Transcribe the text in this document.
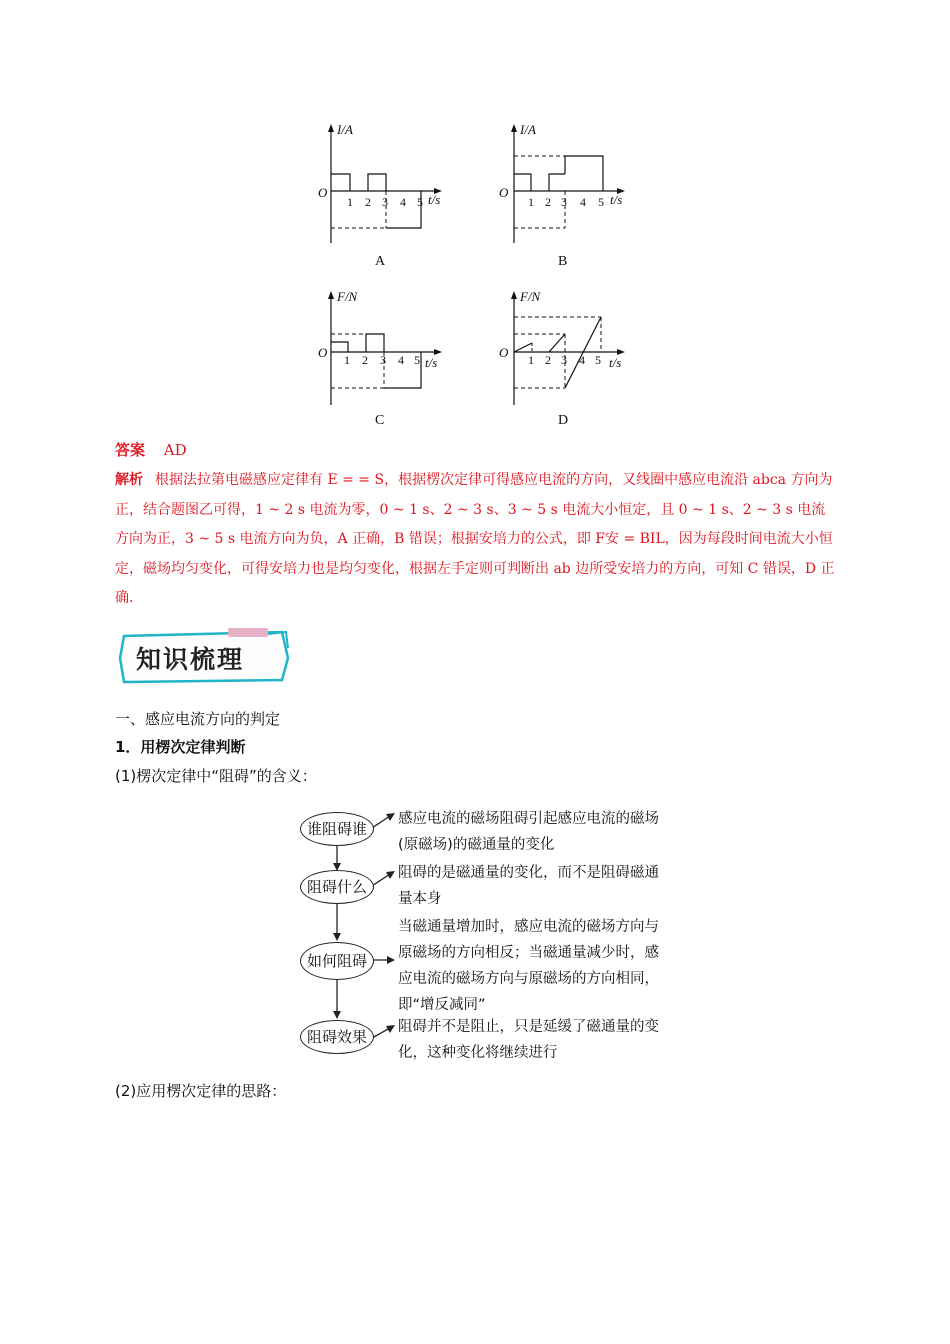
I/A
O
1 2 3 4 5 t/s
A
I/A
O
1 2 3 4 5 t/s
B
F/N
O 1 2 3 4 5 t/s
C
F/N
O 1 2 3 4 5 t/s
D
答案 AD
解析 根据法拉第电磁感应定律有 E = = S，根据楞次定律可得感应电流的方向，又线圈中感应电流沿 abca 方向为正，结合题图乙可得，1 ~ 2 s 电流为零，0 ~ 1 s、2 ~ 3 s、3 ~ 5 s 电流大小恒定，且 0 ~ 1 s、2 ~ 3 s 电流方向为正，3 ~ 5 s 电流方向为负，A 正确，B 错误；根据安培力的公式，即 F安 = BIL，因为每段时间电流大小恒定，磁场均匀变化，可得安培力也是均匀变化，根据左手定则可判断出 ab 边所受安培力的方向，可知 C 错误，D 正确.
知识梳理
一、感应电流方向的判定
1．用楞次定律判断
(1)楞次定律中“阻碍”的含义：
谁阻碍谁
阻碍什么
如何阻碍
阻碍效果
感应电流的磁场阻碍引起感应电流的磁场(原磁场)的磁通量的变化
阻碍的是磁通量的变化，而不是阻碍磁通量本身
当磁通量增加时，感应电流的磁场方向与原磁场的方向相反；当磁通量减少时，感应电流的磁场方向与原磁场的方向相同，即“增反减同”
阻碍并不是阻止，只是延缓了磁通量的变化，这种变化将继续进行
(2)应用楞次定律的思路：
